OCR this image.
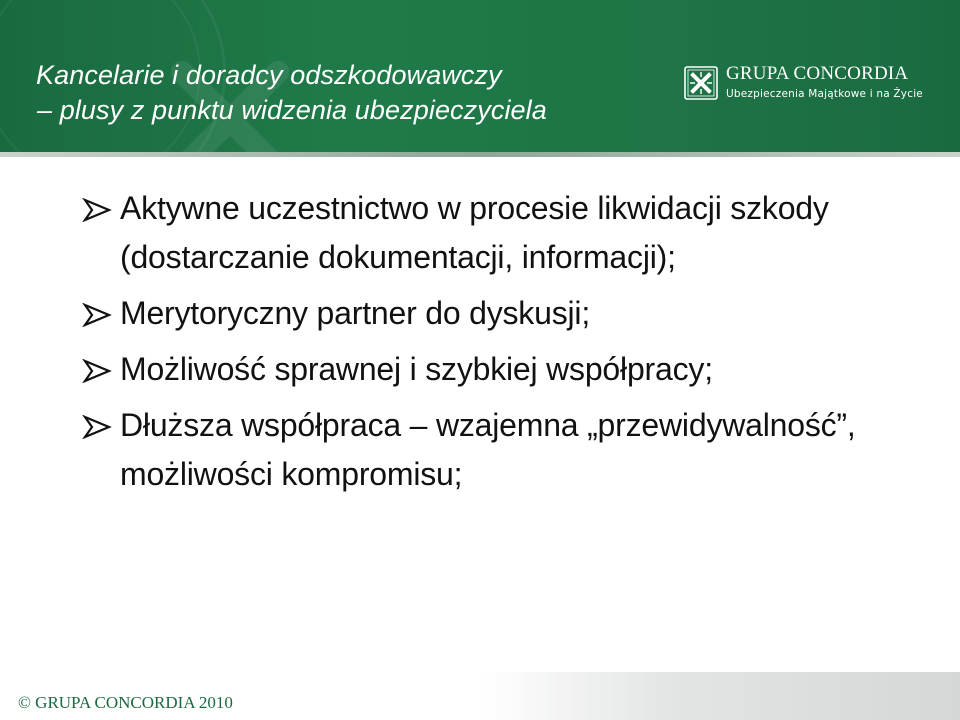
Kancelarie i doradcy odszkodowawczy
– plusy z punktu widzenia ubezpieczyciela
GRUPA CONCORDIA
Ubezpieczenia Majątkowe i na Życie
Aktywne uczestnictwo w procesie likwidacji szkody (dostarczanie dokumentacji, informacji);
Merytoryczny partner do dyskusji;
Możliwość sprawnej i szybkiej współpracy;
Dłuższa współpraca – wzajemna „przewidywalność”, możliwości kompromisu;
© GRUPA CONCORDIA 2010
